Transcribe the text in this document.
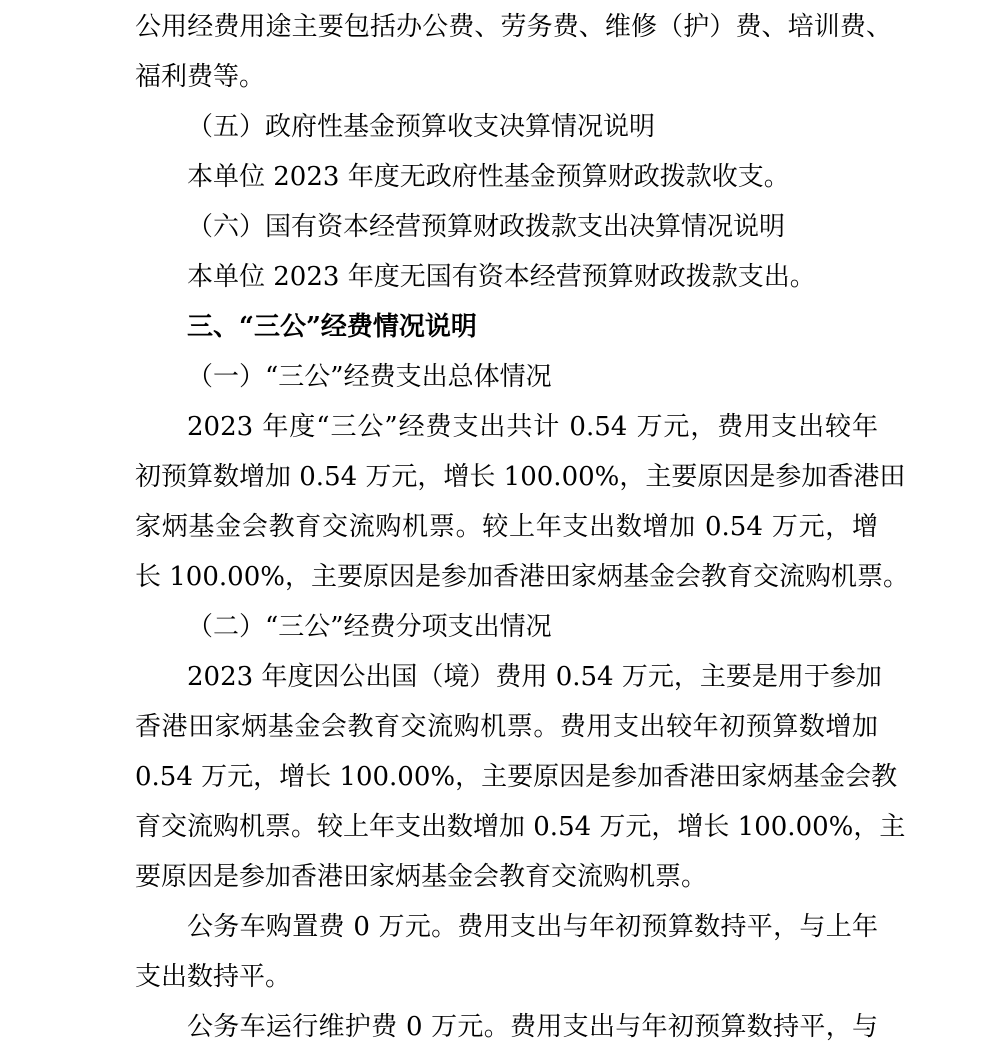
公用经费用途主要包括办公费、劳务费、维修（护）费、培训费、
福利费等。
（五）政府性基金预算收支决算情况说明
本单位 2023 年度无政府性基金预算财政拨款收支。
（六）国有资本经营预算财政拨款支出决算情况说明
本单位 2023 年度无国有资本经营预算财政拨款支出。
三、“三公”经费情况说明
（一）“三公”经费支出总体情况
2023 年度“三公”经费支出共计 0.54 万元，费用支出较年
初预算数增加 0.54 万元，增长 100.00%，主要原因是参加香港田
家炳基金会教育交流购机票。较上年支出数增加 0.54 万元，增
长 100.00%，主要原因是参加香港田家炳基金会教育交流购机票。
（二）“三公”经费分项支出情况
2023 年度因公出国（境）费用 0.54 万元，主要是用于参加
香港田家炳基金会教育交流购机票。费用支出较年初预算数增加
0.54 万元，增长 100.00%，主要原因是参加香港田家炳基金会教
育交流购机票。较上年支出数增加 0.54 万元，增长 100.00%，主
要原因是参加香港田家炳基金会教育交流购机票。
公务车购置费 0 万元。费用支出与年初预算数持平，与上年
支出数持平。
公务车运行维护费 0 万元。费用支出与年初预算数持平，与
